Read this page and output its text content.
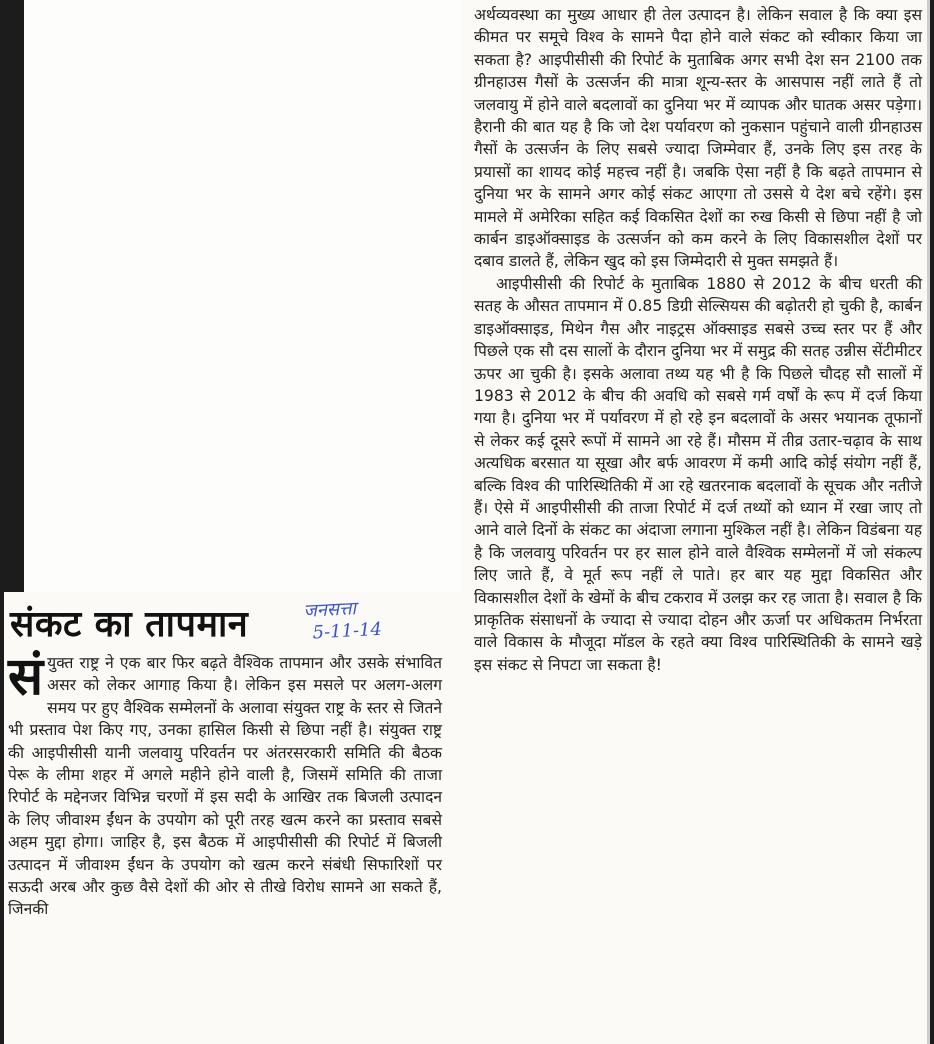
अर्थव्यवस्था का मुख्य आधार ही तेल उत्पादन है। लेकिन सवाल है कि क्या इस कीमत पर समूचे विश्व के सामने पैदा होने वाले संकट को स्वीकार किया जा सकता है? आइपीसीसी की रिपोर्ट के मुताबिक अगर सभी देश सन 2100 तक ग्रीनहाउस गैसों के उत्सर्जन की मात्रा शून्य-स्तर के आसपास नहीं लाते हैं तो जलवायु में होने वाले बदलावों का दुनिया भर में व्यापक और घातक असर पड़ेगा। हैरानी की बात यह है कि जो देश पर्यावरण को नुकसान पहुंचाने वाली ग्रीनहाउस गैसों के उत्सर्जन के लिए सबसे ज्यादा जिम्मेवार हैं, उनके लिए इस तरह के प्रयासों का शायद कोई महत्त्व नहीं है। जबकि ऐसा नहीं है कि बढ़ते तापमान से दुनिया भर के सामने अगर कोई संकट आएगा तो उससे ये देश बचे रहेंगे। इस मामले में अमेरिका सहित कई विकसित देशों का रुख किसी से छिपा नहीं है जो कार्बन डाइऑक्साइड के उत्सर्जन को कम करने के लिए विकासशील देशों पर दबाव डालते हैं, लेकिन खुद को इस जिम्मेदारी से मुक्त समझते हैं।

आइपीसीसी की रिपोर्ट के मुताबिक 1880 से 2012 के बीच धरती की सतह के औसत तापमान में 0.85 डिग्री सेल्सियस की बढ़ोतरी हो चुकी है, कार्बन डाइऑक्साइड, मिथेन गैस और नाइट्रस ऑक्साइड सबसे उच्च स्तर पर हैं और पिछले एक सौ दस सालों के दौरान दुनिया भर में समुद्र की सतह उन्नीस सेंटीमीटर ऊपर आ चुकी है। इसके अलावा तथ्य यह भी है कि पिछले चौदह सौ सालों में 1983 से 2012 के बीच की अवधि को सबसे गर्म वर्षों के रूप में दर्ज किया गया है। दुनिया भर में पर्यावरण में हो रहे इन बदलावों के असर भयानक तूफानों से लेकर कई दूसरे रूपों में सामने आ रहे हैं। मौसम में तीव्र उतार-चढ़ाव के साथ अत्यधिक बरसात या सूखा और बर्फ आवरण में कमी आदि कोई संयोग नहीं हैं, बल्कि विश्व की पारिस्थितिकी में आ रहे खतरनाक बदलावों के सूचक और नतीजे हैं। ऐसे में आइपीसीसी की ताजा रिपोर्ट में दर्ज तथ्यों को ध्यान में रखा जाए तो आने वाले दिनों के संकट का अंदाजा लगाना मुश्किल नहीं है। लेकिन विडंबना यह है कि जलवायु परिवर्तन पर हर साल होने वाले वैश्विक सम्मेलनों में जो संकल्प लिए जाते हैं, वे मूर्त रूप नहीं ले पाते। हर बार यह मुद्दा विकसित और विकासशील देशों के खेमों के बीच टकराव में उलझ कर रह जाता है। सवाल है कि प्राकृतिक संसाधनों के ज्यादा से ज्यादा दोहन और ऊर्जा पर अधिकतम निर्भरता वाले विकास के मौजूदा मॉडल के रहते क्या विश्व पारिस्थितिकी के सामने खड़े इस संकट से निपटा जा सकता है!

संकट का तापमान	जनसत्ता
5-11-14
सं युक्त राष्ट्र ने एक बार फिर बढ़ते वैश्विक तापमान और उसके संभावित असर को लेकर आगाह किया है। लेकिन इस मसले पर अलग-अलग समय पर हुए वैश्विक सम्मेलनों के अलावा संयुक्त राष्ट्र के स्तर से जितने भी प्रस्ताव पेश किए गए, उनका हासिल किसी से छिपा नहीं है। संयुक्त राष्ट्र की आइपीसीसी यानी जलवायु परिवर्तन पर अंतरसरकारी समिति की बैठक पेरू के लीमा शहर में अगले महीने होने वाली है, जिसमें समिति की ताजा रिपोर्ट के मद्देनजर विभिन्न चरणों में इस सदी के आखिर तक बिजली उत्पादन के लिए जीवाश्म ईंधन के उपयोग को पूरी तरह खत्म करने का प्रस्ताव सबसे अहम मुद्दा होगा। जाहिर है, इस बैठक में आइपीसीसी की रिपोर्ट में बिजली उत्पादन में जीवाश्म ईंधन के उपयोग को खत्म करने संबंधी सिफारिशों पर सऊदी अरब और कुछ वैसे देशों की ओर से तीखे विरोध सामने आ सकते हैं, जिनकी
